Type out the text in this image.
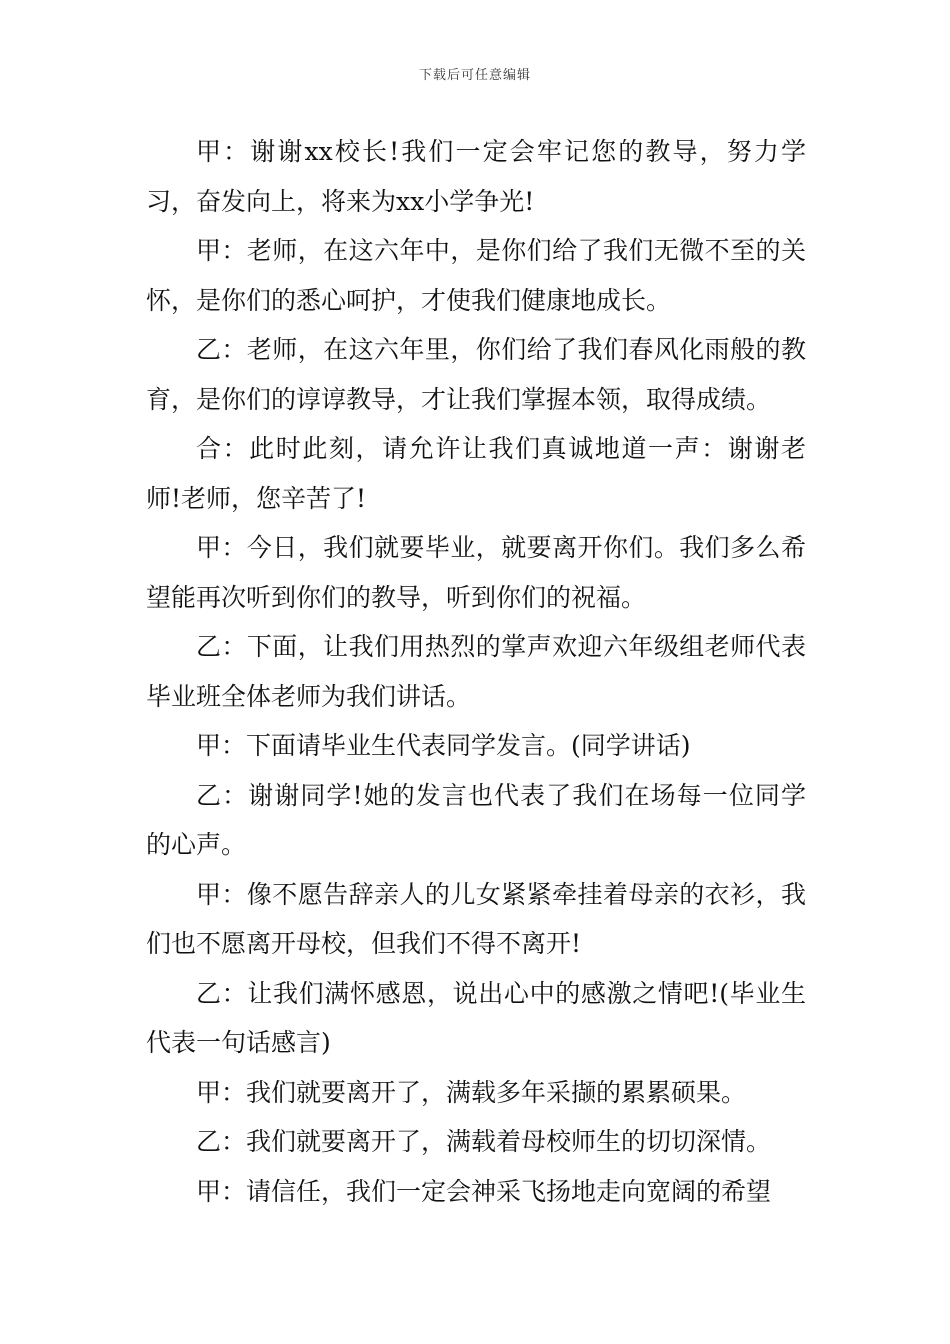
下载后可任意编辑

甲：谢谢xx校长!我们一定会牢记您的教导，努力学习，奋发向上，将来为xx小学争光!

甲：老师，在这六年中，是你们给了我们无微不至的关怀，是你们的悉心呵护，才使我们健康地成长。

乙：老师，在这六年里，你们给了我们春风化雨般的教育，是你们的谆谆教导，才让我们掌握本领，取得成绩。

合：此时此刻，请允许让我们真诚地道一声：谢谢老师!老师，您辛苦了!

甲：今日，我们就要毕业，就要离开你们。我们多么希望能再次听到你们的教导，听到你们的祝福。

乙：下面，让我们用热烈的掌声欢迎六年级组老师代表毕业班全体老师为我们讲话。

甲：下面请毕业生代表同学发言。(同学讲话)

乙：谢谢同学!她的发言也代表了我们在场每一位同学的心声。

甲：像不愿告辞亲人的儿女紧紧牵挂着母亲的衣衫，我们也不愿离开母校，但我们不得不离开!

乙：让我们满怀感恩，说出心中的感激之情吧!(毕业生代表一句话感言)

甲：我们就要离开了，满载多年采撷的累累硕果。

乙：我们就要离开了，满载着母校师生的切切深情。

甲：请信任，我们一定会神采飞扬地走向宽阔的希望
